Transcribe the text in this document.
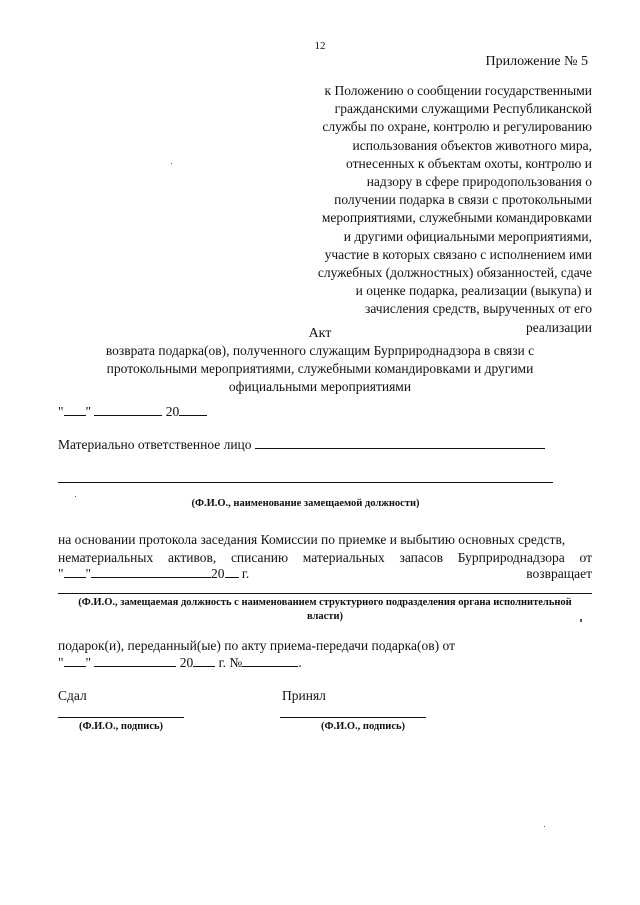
12
Приложение № 5
к Положению о сообщении государственными
гражданскими служащими Республиканской
службы по охране, контролю и регулированию
использования объектов животного мира,
отнесенных к объектам охоты, контролю и
надзору в сфере природопользования о
получении подарка в связи с протокольными
мероприятиями, служебными командировками
и другими официальными мероприятиями,
участие в которых связано с исполнением ими
служебных (должностных) обязанностей, сдаче
и оценке подарка, реализации (выкупа) и
зачисления средств, вырученных от его
реализации
Акт
возврата подарка(ов), полученного служащим Бурприроднадзора в связи с
протокольными мероприятиями, служебными командировками и другими
официальными мероприятиями
" "	20
Материально ответственное лицо
(Ф.И.О., наименование замещаемой должности)
на основании протокола заседания Комиссии по приемке и выбытию основных средств,
нематериальных активов, списанию материальных запасов Бурприроднадзора от
" "	20 г.	возвращает
(Ф.И.О., замещаемая должность с наименованием структурного подразделения органа исполнительной
власти)
подарок(и), переданный(ые) по акту приема-передачи подарка(ов) от
" "	20 г. №	.
Сдал	Принял
(Ф.И.О., подпись)	(Ф.И.О., подпись)
